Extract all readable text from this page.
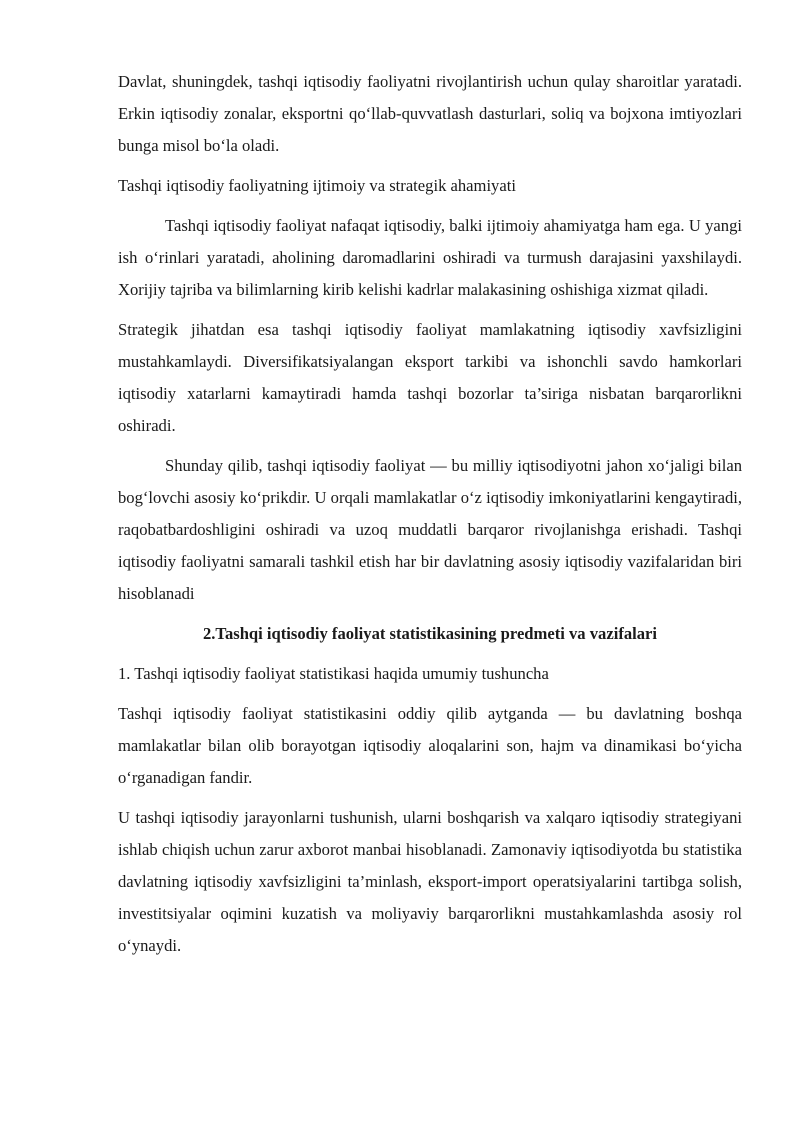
Davlat, shuningdek, tashqi iqtisodiy faoliyatni rivojlantirish uchun qulay sharoitlar yaratadi. Erkin iqtisodiy zonalar, eksportni qo‘llab-quvvatlash dasturlari, soliq va bojxona imtiyozlari bunga misol bo‘la oladi.

Tashqi iqtisodiy faoliyatning ijtimoiy va strategik ahamiyati

Tashqi iqtisodiy faoliyat nafaqat iqtisodiy, balki ijtimoiy ahamiyatga ham ega. U yangi ish o‘rinlari yaratadi, aholining daromadlarini oshiradi va turmush darajasini yaxshilaydi. Xorijiy tajriba va bilimlarning kirib kelishi kadrlar malakasining oshishiga xizmat qiladi.

Strategik jihatdan esa tashqi iqtisodiy faoliyat mamlakatning iqtisodiy xavfsizligini mustahkamlaydi. Diversifikatsiyalangan eksport tarkibi va ishonchli savdo hamkorlari iqtisodiy xatarlarni kamaytiradi hamda tashqi bozorlar ta’siriga nisbatan barqarorlikni oshiradi.

Shunday qilib, tashqi iqtisodiy faoliyat — bu milliy iqtisodiyotni jahon xo‘jaligi bilan bog‘lovchi asosiy ko‘prikdir. U orqali mamlakatlar o‘z iqtisodiy imkoniyatlarini kengaytiradi, raqobatbardoshligini oshiradi va uzoq muddatli barqaror rivojlanishga erishadi. Tashqi iqtisodiy faoliyatni samarali tashkil etish har bir davlatning asosiy iqtisodiy vazifalaridan biri hisoblanadi

2.Tashqi iqtisodiy faoliyat statistikasining predmeti va vazifalari

1. Tashqi iqtisodiy faoliyat statistikasi haqida umumiy tushuncha

Tashqi iqtisodiy faoliyat statistikasini oddiy qilib aytganda — bu davlatning boshqa mamlakatlar bilan olib borayotgan iqtisodiy aloqalarini son, hajm va dinamikasi bo‘yicha o‘rganadigan fandir.

U tashqi iqtisodiy jarayonlarni tushunish, ularni boshqarish va xalqaro iqtisodiy strategiyani ishlab chiqish uchun zarur axborot manbai hisoblanadi. Zamonaviy iqtisodiyotda bu statistika davlatning iqtisodiy xavfsizligini ta’minlash, eksport-import operatsiyalarini tartibga solish, investitsiyalar oqimini kuzatish va moliyaviy barqarorlikni mustahkamlashda asosiy rol o‘ynaydi.
